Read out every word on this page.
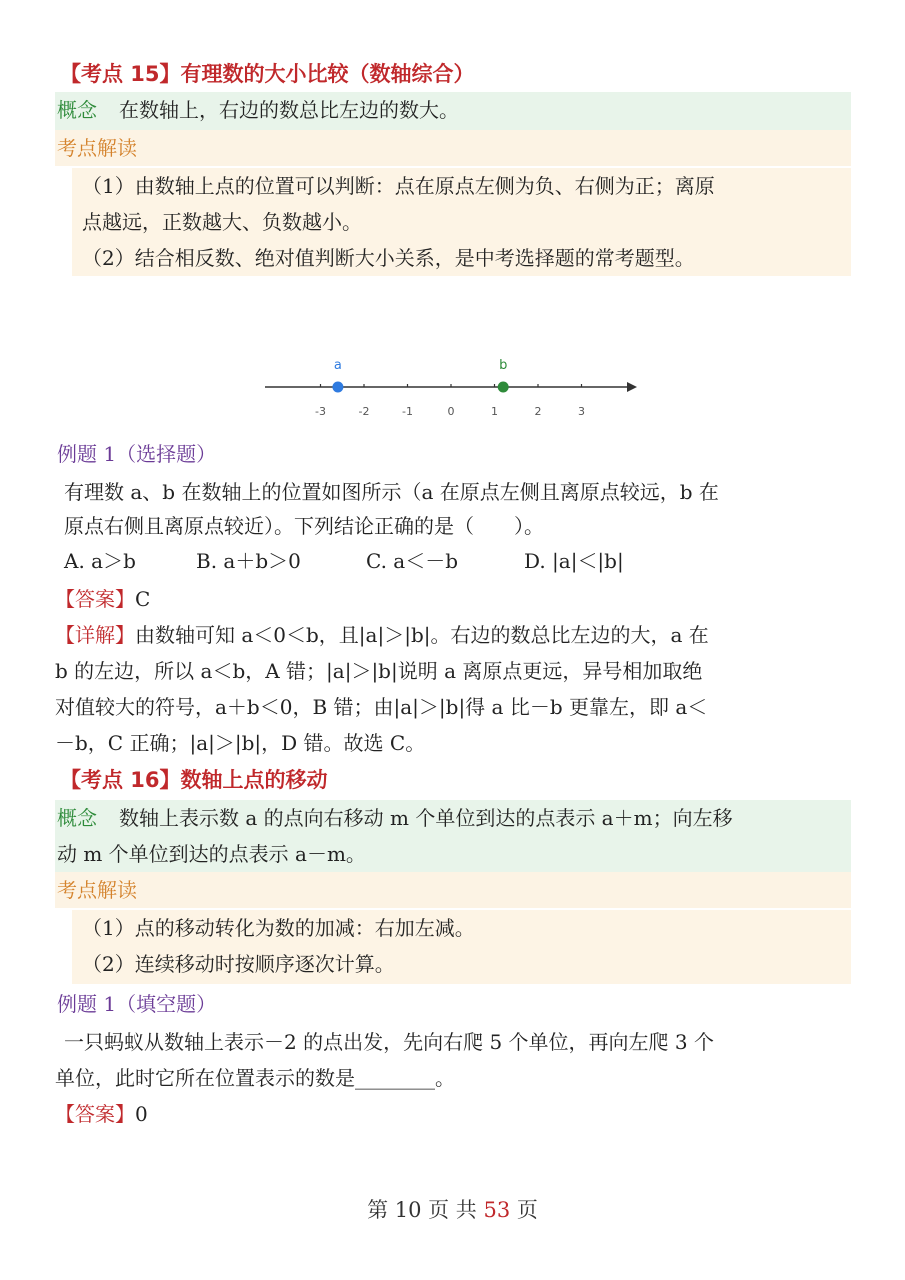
【考点 15】有理数的大小比较（数轴综合）
概念 在数轴上，右边的数总比左边的数大。
考点解读
（1）由数轴上点的位置可以判断：点在原点左侧为负、右侧为正；离原
点越远，正数越大、负数越小。
（2）结合相反数、绝对值判断大小关系，是中考选择题的常考题型。
-3	-2	-1	0	1	2	3
a	b
例题 1（选择题）
有理数 a、b 在数轴上的位置如图所示（a 在原点左侧且离原点较远，b 在
原点右侧且离原点较近）。下列结论正确的是（　　）。
A. a＞b	B. a＋b＞0	C. a＜－b	D. |a|＜|b|
【答案】C
【详解】由数轴可知 a＜0＜b，且|a|＞|b|。右边的数总比左边的大，a 在
b 的左边，所以 a＜b，A 错；|a|＞|b|说明 a 离原点更远，异号相加取绝
对值较大的符号，a＋b＜0，B 错；由|a|＞|b|得 a 比－b 更靠左，即 a＜
－b，C 正确；|a|＞|b|，D 错。故选 C。
【考点 16】数轴上点的移动
概念 数轴上表示数 a 的点向右移动 m 个单位到达的点表示 a＋m；向左移
动 m 个单位到达的点表示 a－m。
考点解读
（1）点的移动转化为数的加减：右加左减。
（2）连续移动时按顺序逐次计算。
例题 1（填空题）
一只蚂蚁从数轴上表示－2 的点出发，先向右爬 5 个单位，再向左爬 3 个
单位，此时它所在位置表示的数是________。
【答案】0
第 10 页 共 53 页
